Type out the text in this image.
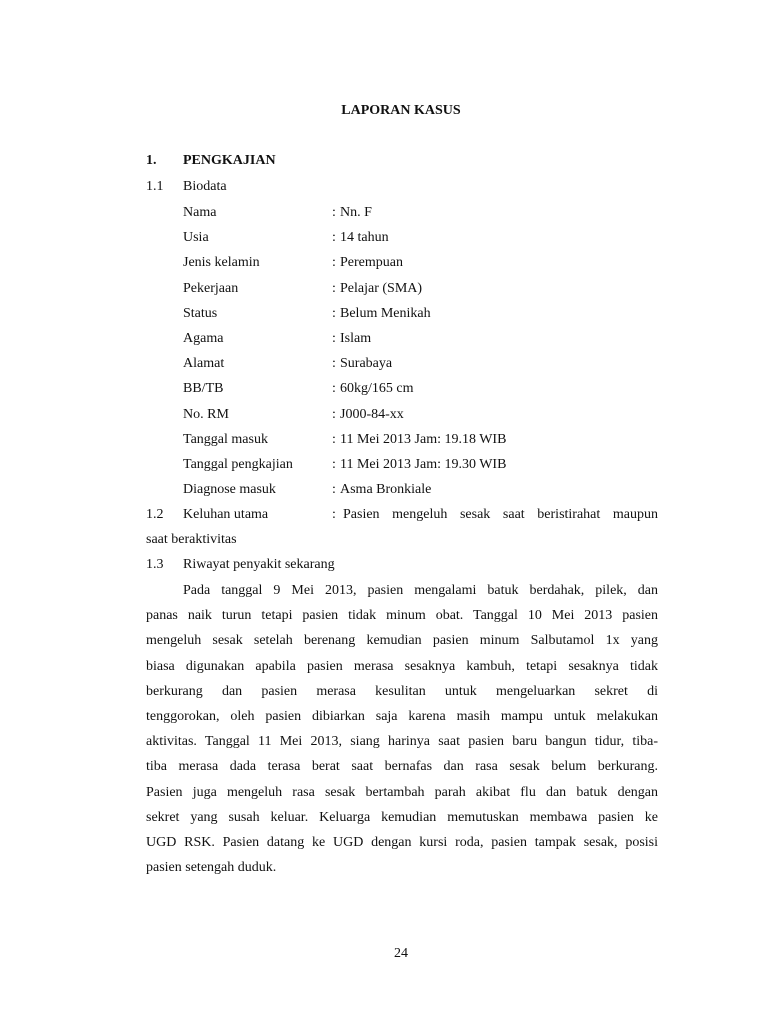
LAPORAN KASUS
1. PENGKAJIAN
1.1 Biodata
Nama	: Nn. F
Usia	: 14 tahun
Jenis kelamin	: Perempuan
Pekerjaan	: Pelajar (SMA)
Status	: Belum Menikah
Agama	: Islam
Alamat	: Surabaya
BB/TB	: 60kg/165 cm
No. RM	: J000-84-xx
Tanggal masuk	: 11 Mei 2013 Jam: 19.18 WIB
Tanggal pengkajian	: 11 Mei 2013 Jam: 19.30 WIB
Diagnose masuk	: Asma Bronkiale
1.2 Keluhan utama	: Pasien mengeluh sesak saat beristirahat maupun
saat beraktivitas
1.3 Riwayat penyakit sekarang
Pada tanggal 9 Mei 2013, pasien mengalami batuk berdahak, pilek, dan
panas naik turun tetapi pasien tidak minum obat. Tanggal 10 Mei 2013 pasien
mengeluh sesak setelah berenang kemudian pasien minum Salbutamol 1x yang
biasa digunakan apabila pasien merasa sesaknya kambuh, tetapi sesaknya tidak
berkurang dan pasien merasa kesulitan untuk mengeluarkan sekret di
tenggorokan, oleh pasien dibiarkan saja karena masih mampu untuk melakukan
aktivitas. Tanggal 11 Mei 2013, siang harinya saat pasien baru bangun tidur, tiba-
tiba merasa dada terasa berat saat bernafas dan rasa sesak belum berkurang.
Pasien juga mengeluh rasa sesak bertambah parah akibat flu dan batuk dengan
sekret yang susah keluar. Keluarga kemudian memutuskan membawa pasien ke
UGD RSK. Pasien datang ke UGD dengan kursi roda, pasien tampak sesak, posisi
pasien setengah duduk.
24
